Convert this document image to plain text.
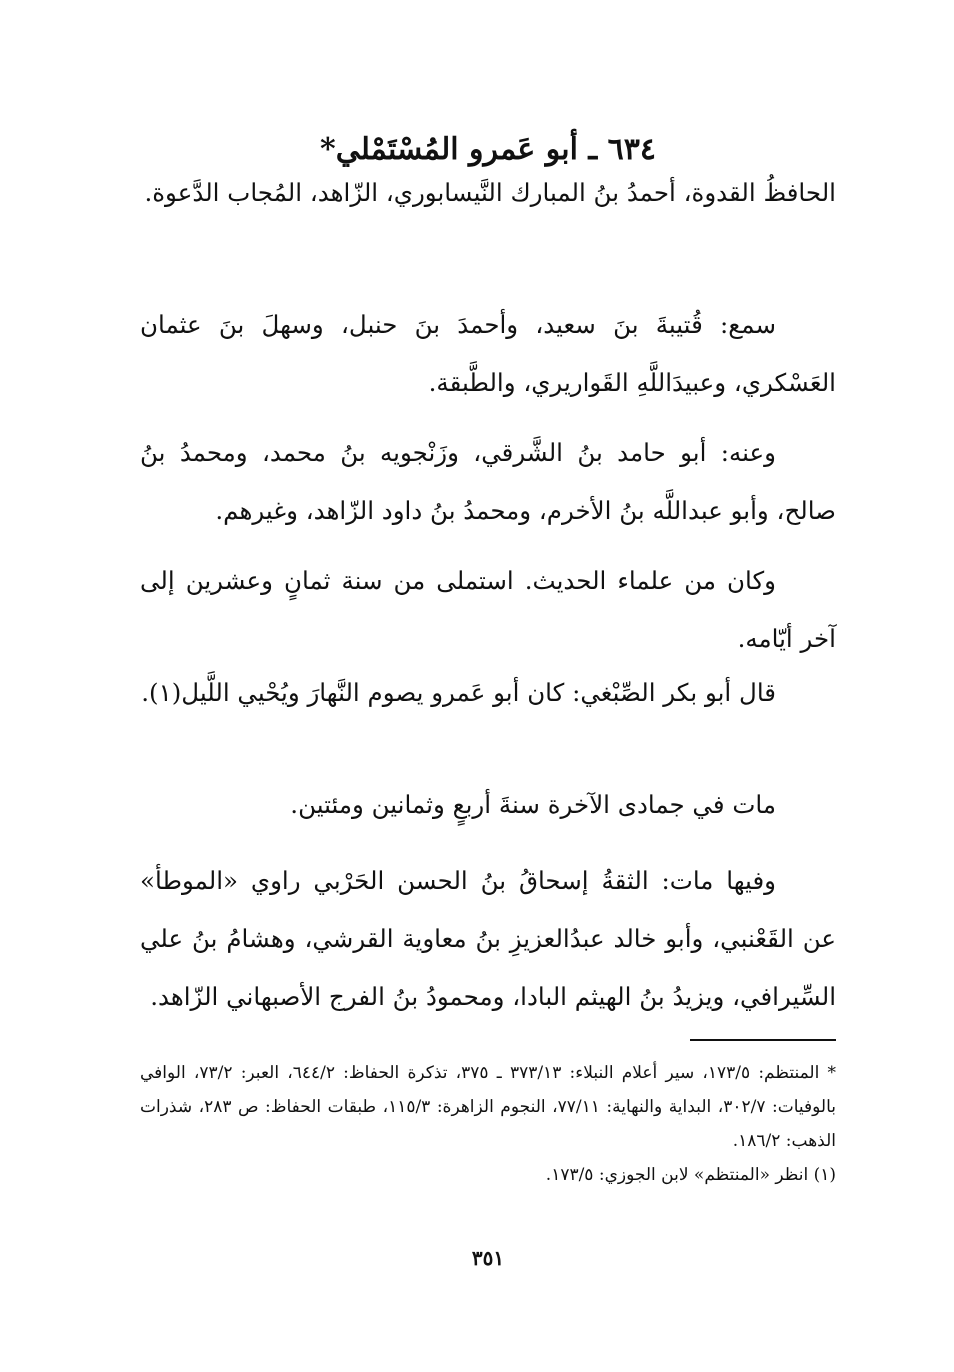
٦٣٤ ـ أبو عَمرو المُسْتَمْلي*

الحافظُ القدوة، أحمدُ بنُ المبارك النَّيسابوري، الزّاهد، المُجاب الدَّعوة.

سمع: قُتيبةَ بنَ سعيد، وأحمدَ بنَ حنبل، وسهلَ بنَ عثمان العَسْكري، وعبيدَاللَّهِ القَواريري، والطَّبقة.

وعنه: أبو حامد بنُ الشَّرقي، وزَنْجويه بنُ محمد، ومحمدُ بنُ صالح، وأبو عبداللَّه بنُ الأخرم، ومحمدُ بنُ داود الزّاهد، وغيرهم.

وكان من علماء الحديث. استملى من سنة ثمانٍ وعشرين إلى آخر أيّامه.

قال أبو بكر الصِّبْغي: كان أبو عَمرو يصوم النَّهارَ ويُحْيي اللَّيل(١).

مات في جمادى الآخرة سنةَ أربعٍ وثمانين ومئتين.

وفيها مات: الثقةُ إسحاقُ بنُ الحسن الحَرْبي راوي «الموطأ» عن القَعْنبي، وأبو خالد عبدُالعزيزِ بنُ معاوية القرشي، وهشامُ بنُ علي السِّيرافي، ويزيدُ بنُ الهيثم البادا، ومحمودُ بنُ الفرج الأصبهاني الزّاهد.

* المنتظم: ١٧٣/٥، سير أعلام النبلاء: ٣٧٣/١٣ ـ ٣٧٥، تذكرة الحفاظ: ٦٤٤/٢، العبر: ٧٣/٢، الوافي بالوفيات: ٣٠٢/٧، البداية والنهاية: ٧٧/١١، النجوم الزاهرة: ١١٥/٣، طبقات الحفاظ: ص ٢٨٣، شذرات الذهب: ١٨٦/٢.

(١) انظر «المنتظم» لابن الجوزي: ١٧٣/٥.

٣٥١
